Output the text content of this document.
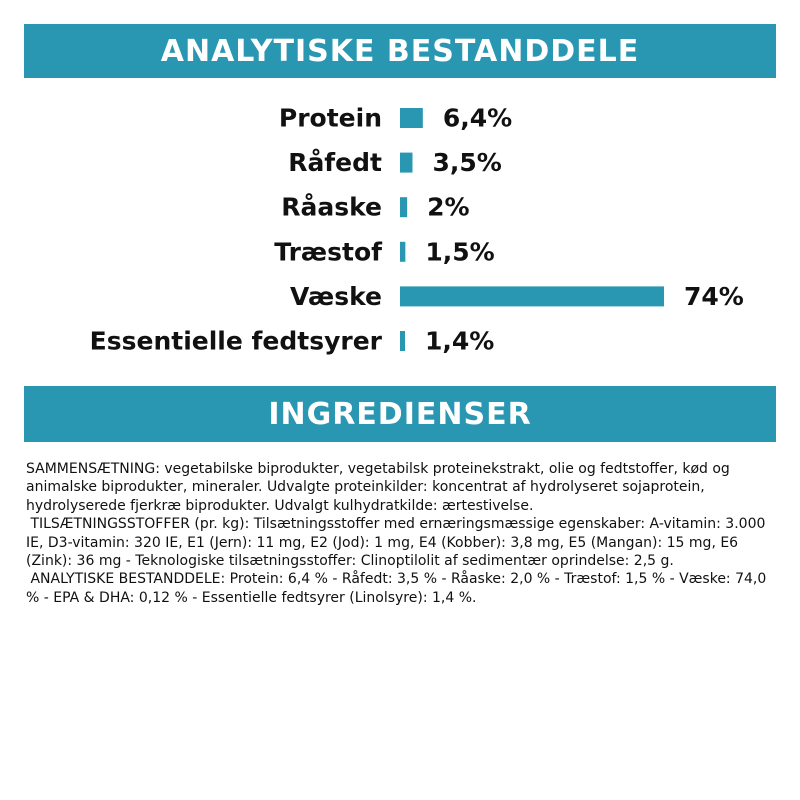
ANALYTISKE BESTANDDELE
Protein 6,4%
Råfedt 3,5%
Råaske 2%
Træstof 1,5%
Væske	74%
Essentielle fedtsyrer 1,4%
INGREDIENSER

SAMMENSÆTNING: vegetabilske biprodukter, vegetabilsk proteinekstrakt, olie og fedtstoffer, kød og animalske biprodukter, mineraler. Udvalgte proteinkilder: koncentrat af hydrolyseret sojaprotein, hydrolyserede fjerkræ biprodukter. Udvalgt kulhydratkilde: ærtestivelse.

TILSÆTNINGSSTOFFER (pr. kg): Tilsætningsstoffer med ernæringsmæssige egenskaber: A-vitamin: 3.000 IE, D3-vitamin: 320 IE, E1 (Jern): 11 mg, E2 (Jod): 1 mg, E4 (Kobber): 3,8 mg, E5 (Mangan): 15 mg, E6 (Zink): 36 mg - Teknologiske tilsætningsstoffer: Clinoptilolit af sedimentær oprindelse: 2,5 g.

ANALYTISKE BESTANDDELE: Protein: 6,4 % - Råfedt: 3,5 % - Råaske: 2,0 % - Træstof: 1,5 % - Væske: 74,0 % - EPA & DHA: 0,12 % - Essentielle fedtsyrer (Linolsyre): 1,4 %.
